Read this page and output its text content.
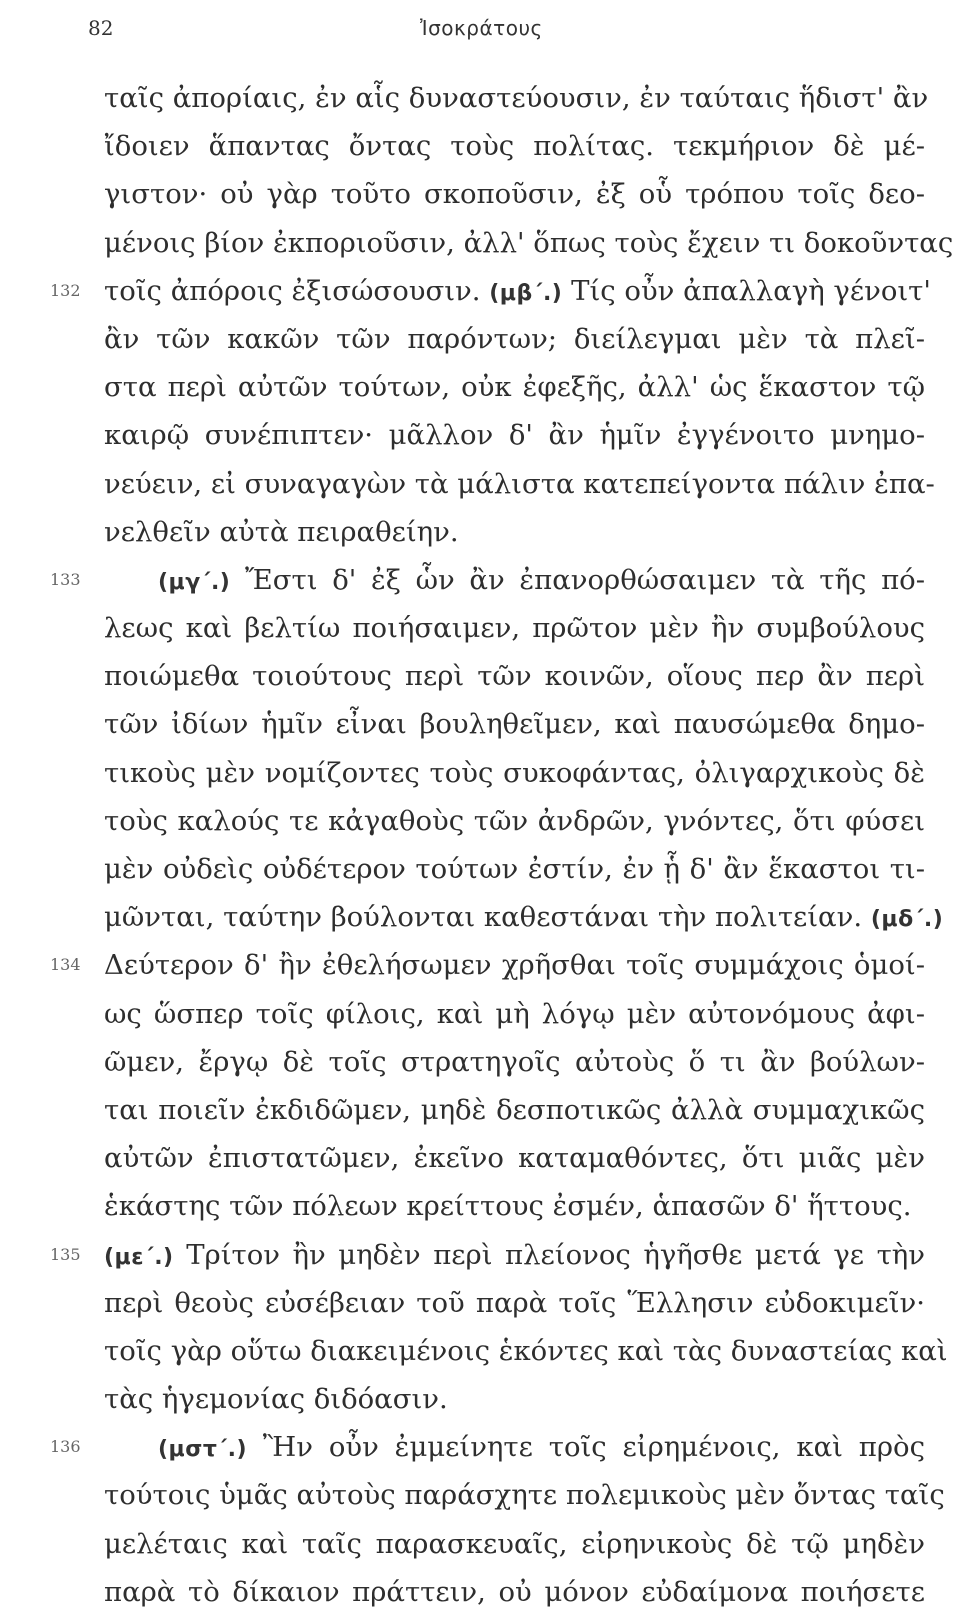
82	Ἰσοκράτους
ταῖς ἀπορίαις, ἐν αἷς δυναστεύουσιν, ἐν ταύταις ἥδιστ' ἂν
ἴδοιεν ἅπαντας ὄντας τοὺς πολίτας. τεκμήριον δὲ μέ-
γιστον· οὐ γὰρ τοῦτο σκοποῦσιν, ἐξ οὗ τρόπου τοῖς δεο-
μένοις βίον ἐκποριοῦσιν, ἀλλ' ὅπως τοὺς ἔχειν τι δοκοῦντας
132 τοῖς ἀπόροις ἐξισώσουσιν. (μβ΄.) Τίς οὖν ἀπαλλαγὴ γένοιτ'
ἂν τῶν κακῶν τῶν παρόντων; διείλεγμαι μὲν τὰ πλεῖ-
στα περὶ αὐτῶν τούτων, οὐκ ἐφεξῆς, ἀλλ' ὡς ἕκαστον τῷ
καιρῷ συνέπιπτεν· μᾶλλον δ' ἂν ἡμῖν ἐγγένοιτο μνημο-
νεύειν, εἰ συναγαγὼν τὰ μάλιστα κατεπείγοντα πάλιν ἐπα-
νελθεῖν αὐτὰ πειραθείην.
133	(μγ΄.) Ἔστι δ' ἐξ ὧν ἂν ἐπανορθώσαιμεν τὰ τῆς πό-
λεως καὶ βελτίω ποιήσαιμεν, πρῶτον μὲν ἢν συμβούλους
ποιώμεθα τοιούτους περὶ τῶν κοινῶν, οἵους περ ἂν περὶ
τῶν ἰδίων ἡμῖν εἶναι βουληθεῖμεν, καὶ παυσώμεθα δημο-
τικοὺς μὲν νομίζοντες τοὺς συκοφάντας, ὀλιγαρχικοὺς δὲ
τοὺς καλούς τε κἀγαθοὺς τῶν ἀνδρῶν, γνόντες, ὅτι φύσει
μὲν οὐδεὶς οὐδέτερον τούτων ἐστίν, ἐν ᾗ δ' ἂν ἕκαστοι τι-
μῶνται, ταύτην βούλονται καθεστάναι τὴν πολιτείαν. (μδ΄.)
134 Δεύτερον δ' ἢν ἐθελήσωμεν χρῆσθαι τοῖς συμμάχοις ὁμοί-
ως ὥσπερ τοῖς φίλοις, καὶ μὴ λόγῳ μὲν αὐτονόμους ἀφι-
ῶμεν, ἔργῳ δὲ τοῖς στρατηγοῖς αὐτοὺς ὅ τι ἂν βούλων-
ται ποιεῖν ἐκδιδῶμεν, μηδὲ δεσποτικῶς ἀλλὰ συμμαχικῶς
αὐτῶν ἐπιστατῶμεν, ἐκεῖνο καταμαθόντες, ὅτι μιᾶς μὲν
ἑκάστης τῶν πόλεων κρείττους ἐσμέν, ἁπασῶν δ' ἥττους.
135	(με΄.) Τρίτον ἢν μηδὲν περὶ πλείονος ἡγῆσθε μετά γε τὴν
περὶ θεοὺς εὐσέβειαν τοῦ παρὰ τοῖς Ἕλλησιν εὐδοκιμεῖν·
τοῖς γὰρ οὕτω διακειμένοις ἑκόντες καὶ τὰς δυναστείας καὶ
τὰς ἡγεμονίας διδόασιν.
136	(μστ΄.) Ἢν οὖν ἐμμείνητε τοῖς εἰρημένοις, καὶ πρὸς
τούτοις ὑμᾶς αὐτοὺς παράσχητε πολεμικοὺς μὲν ὄντας ταῖς
μελέταις καὶ ταῖς παρασκευαῖς, εἰρηνικοὺς δὲ τῷ μηδὲν
παρὰ τὸ δίκαιον πράττειν, οὐ μόνον εὐδαίμονα ποιήσετε
